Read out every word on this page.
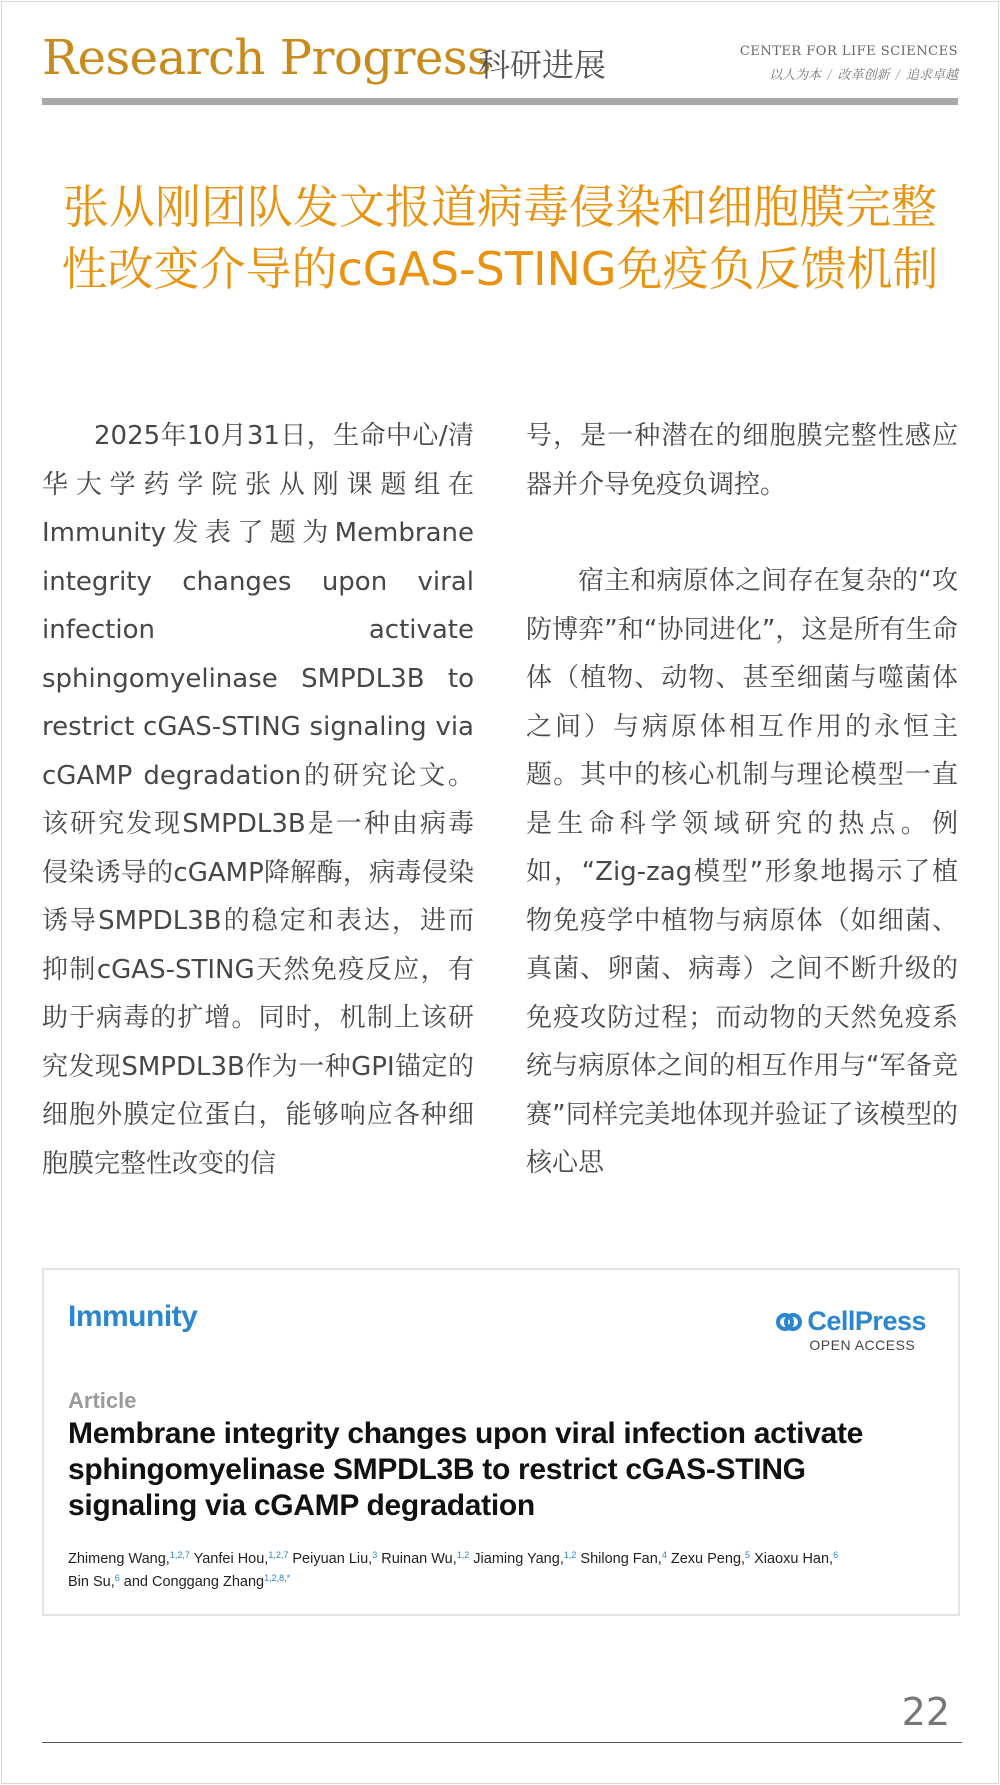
Research Progress
科研进展	CENTER FOR LIFE SCIENCES
以人为本 / 改革创新 / 追求卓越
张从刚团队发文报道病毒侵染和细胞膜完整性改变介导的cGAS-STING免疫负反馈机制

2025年10月31日，生命中心/清华大学药学院张从刚课题组在Immunity发表了题为Membrane integrity changes upon viral infection activate sphingomyelinase SMPDL3B to restrict cGAS-STING signaling via cGAMP degradation的研究论文。该研究发现SMPDL3B是一种由病毒侵染诱导的cGAMP降解酶，病毒侵染诱导SMPDL3B的稳定和表达，进而抑制cGAS-STING天然免疫反应，有助于病毒的扩增。同时，机制上该研究发现SMPDL3B作为一种GPI锚定的细胞外膜定位蛋白，能够响应各种细胞膜完整性改变的信

号，是一种潜在的细胞膜完整性感应器并介导免疫负调控。

宿主和病原体之间存在复杂的“攻防博弈”和“协同进化”，这是所有生命体（植物、动物、甚至细菌与噬菌体之间）与病原体相互作用的永恒主题。其中的核心机制与理论模型一直是生命科学领域研究的热点。例如，“Zig-zag模型”形象地揭示了植物免疫学中植物与病原体（如细菌、真菌、卵菌、病毒）之间不断升级的免疫攻防过程；而动物的天然免疫系统与病原体之间的相互作用与“军备竞赛”同样完美地体现并验证了该模型的核心思

Immunity	CellPress
OPEN ACCESS
Article
Membrane integrity changes upon viral infection activate sphingomyelinase SMPDL3B to restrict cGAS-STING signaling via cGAMP degradation
Zhimeng Wang,$^{1,2,7}$ Yanfei Hou,$^{1,2,7}$ Peiyuan Liu,$^3$ Ruinan Wu,$^{1,2}$ Jiaming Yang,$^{1,2}$ Shilong Fan,$^4$ Zexu Peng,$^5$ Xiaoxu Han,$^6$
Bin Su,$^6$ and Conggang Zhang$^{1,2,8,*}$
22
